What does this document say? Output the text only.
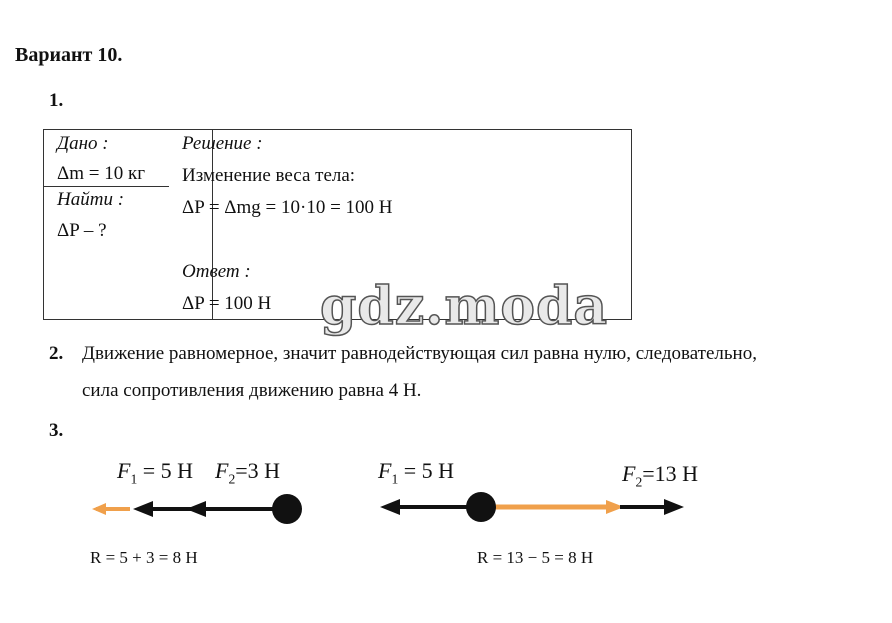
Вариант 10.
1.
Дано :
Δm = 10 кг
Найти :
ΔP – ?
Решение :
Изменение веса тела:
ΔP = Δmg = 10·10 = 100 Н
Ответ :
ΔP = 100 Н gdz.moda
2. Движение равномерное, значит равнодействующая сил равна нулю, следовательно,
сила сопротивления движению равна 4 Н.
3.
$F_1 = 5$ Н $F_2=3$ Н	$F_1 = 5$ Н	$F_2=13$ Н
R = 5 + 3 = 8 Н	R = 13 − 5 = 8 Н
